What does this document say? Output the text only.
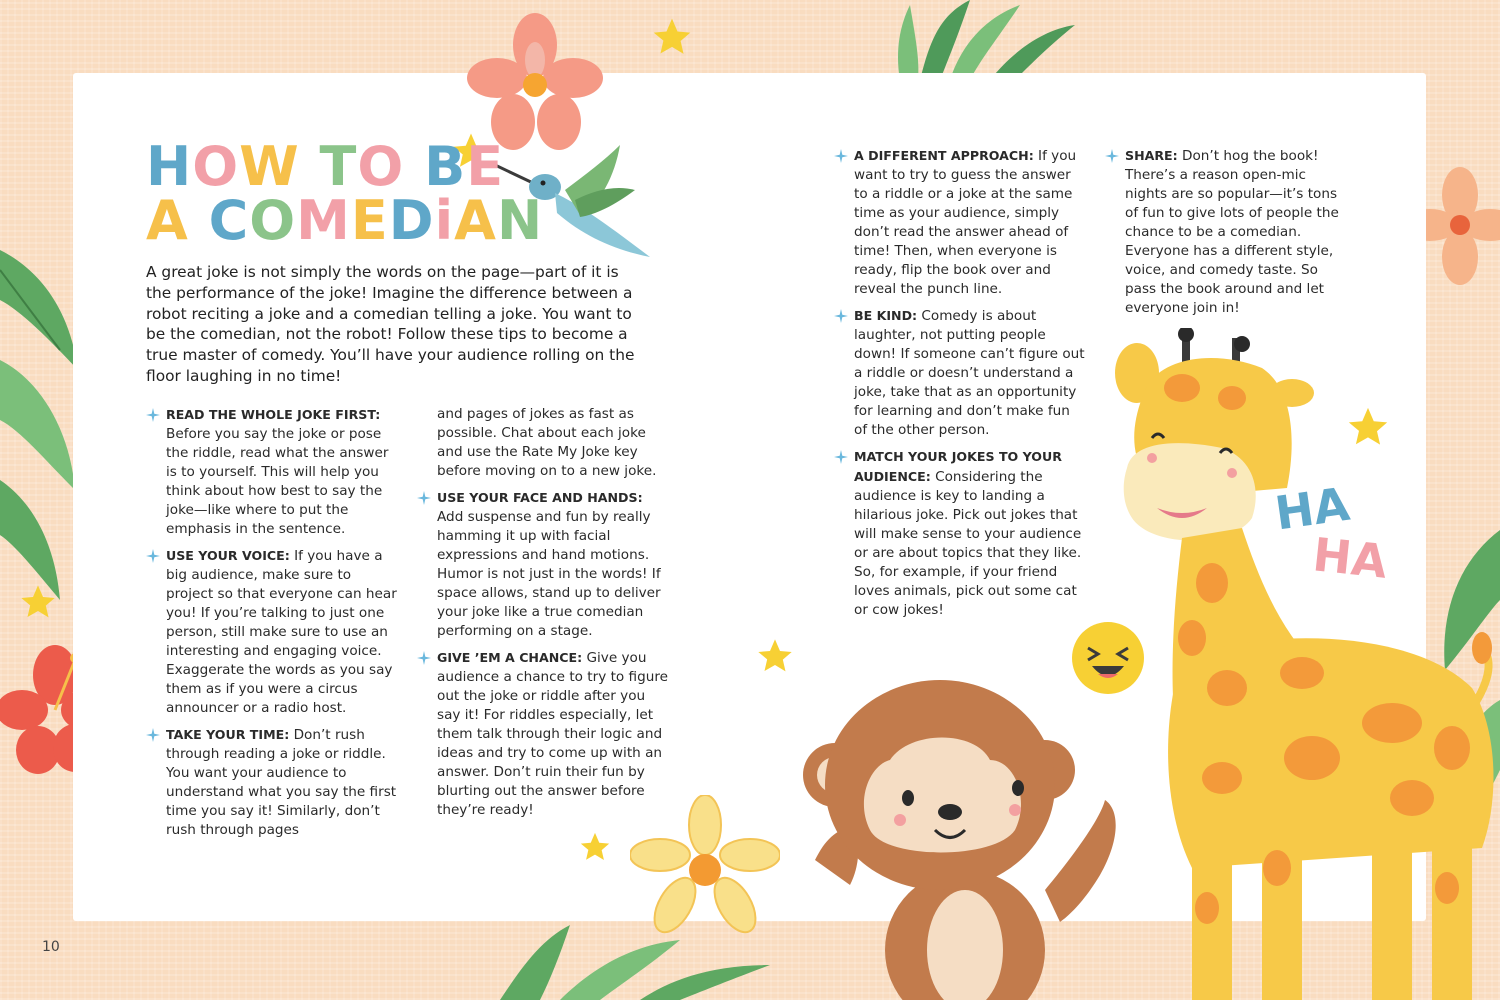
HA
HA
HOW TO BE
A COMEDiAN

A great joke is not simply the words on the page—part of it is the performance of the joke! Imagine the difference between a robot reciting a joke and a comedian telling a joke. You want to be the comedian, not the robot! Follow these tips to become a true master of comedy. You’ll have your audience rolling on the floor laughing in no time!

READ THE WHOLE JOKE FIRST: Before you say the joke or pose the riddle, read what the answer is to yourself. This will help you think about how best to say the joke—like where to put the emphasis in the sentence.

USE YOUR VOICE: If you have a big audience, make sure to project so that everyone can hear you! If you’re talking to just one person, still make sure to use an interesting and engaging voice. Exaggerate the words as you say them as if you were a circus announcer or a radio host.

TAKE YOUR TIME: Don’t rush through reading a joke or riddle. You want your audience to understand what you say the first time you say it! Similarly, don’t rush through pages

and pages of jokes as fast as possible. Chat about each joke and use the Rate My Joke key before moving on to a new joke.

USE YOUR FACE AND HANDS: Add suspense and fun by really hamming it up with facial expressions and hand motions. Humor is not just in the words! If space allows, stand up to deliver your joke like a true comedian performing on a stage.

GIVE ’EM A CHANCE: Give you audience a chance to try to figure out the joke or riddle after you say it! For riddles especially, let them talk through their logic and ideas and try to come up with an answer. Don’t ruin their fun by blurting out the answer before they’re ready!

A DIFFERENT APPROACH: If you want to try to guess the answer to a riddle or a joke at the same time as your audience, simply don’t read the answer ahead of time! Then, when everyone is ready, flip the book over and reveal the punch line.

BE KIND: Comedy is about laughter, not putting people down! If someone can’t figure out a riddle or doesn’t understand a joke, take that as an opportunity for learning and don’t make fun of the other person.

MATCH YOUR JOKES TO YOUR AUDIENCE: Considering the audience is key to landing a hilarious joke. Pick out jokes that will make sense to your audience or are about topics that they like. So, for example, if your friend loves animals, pick out some cat or cow jokes!

SHARE: Don’t hog the book! There’s a reason open-mic nights are so popular—it’s tons of fun to give lots of people the chance to be a comedian. Everyone has a different style, voice, and comedy taste. So pass the book around and let everyone join in!

10
